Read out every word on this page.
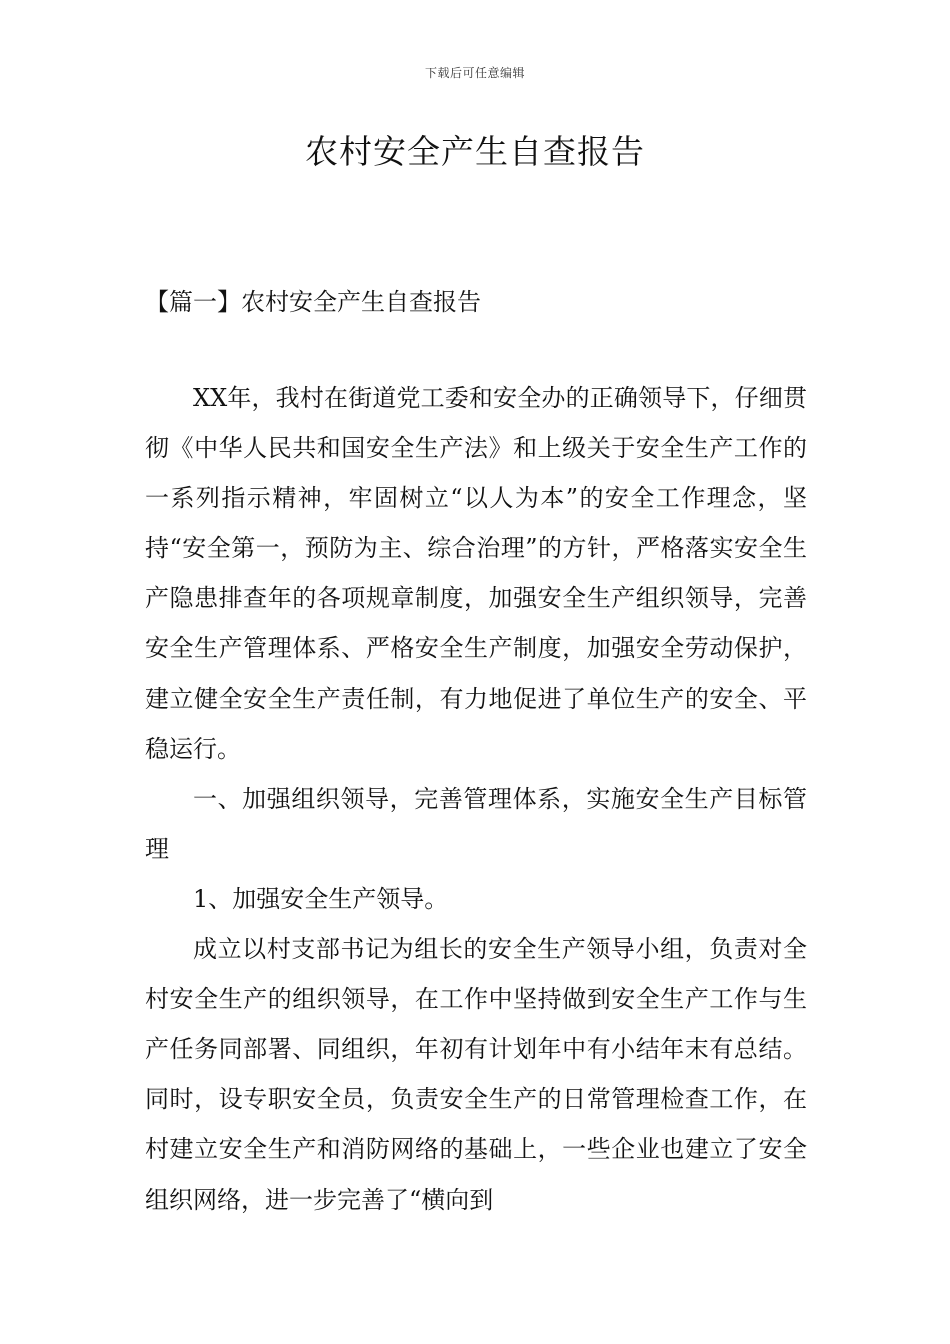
下载后可任意编辑
农村安全产生自查报告
【篇一】农村安全产生自查报告

XX年，我村在街道党工委和安全办的正确领导下，仔细贯彻《中华人民共和国安全生产法》和上级关于安全生产工作的一系列指示精神，牢固树立“以人为本”的安全工作理念，坚持“安全第一，预防为主、综合治理”的方针，严格落实安全生产隐患排查年的各项规章制度，加强安全生产组织领导，完善安全生产管理体系、严格安全生产制度，加强安全劳动保护，建立健全安全生产责任制，有力地促进了单位生产的安全、平稳运行。

一、加强组织领导，完善管理体系，实施安全生产目标管理

1、加强安全生产领导。

成立以村支部书记为组长的安全生产领导小组，负责对全村安全生产的组织领导，在工作中坚持做到安全生产工作与生产任务同部署、同组织，年初有计划年中有小结年末有总结。同时，设专职安全员，负责安全生产的日常管理检查工作，在村建立安全生产和消防网络的基础上，一些企业也建立了安全组织网络，进一步完善了“横向到
